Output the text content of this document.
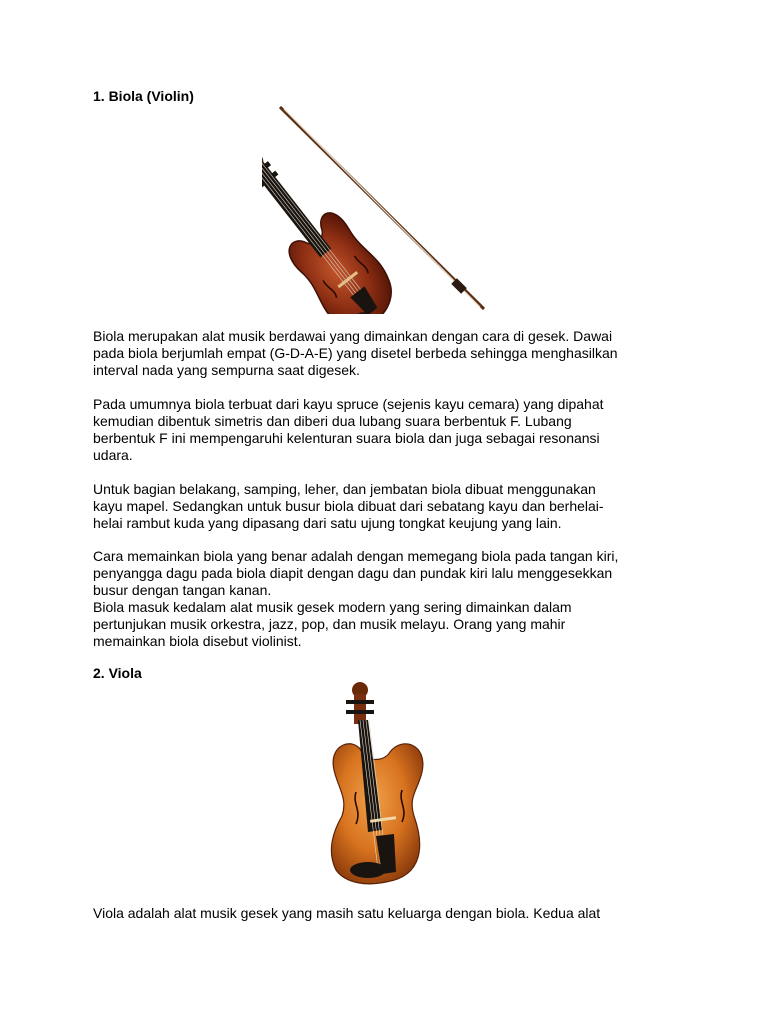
1. Biola (Violin)
Biola merupakan alat musik berdawai yang dimainkan dengan cara di gesek. Dawai
pada biola berjumlah empat (G-D-A-E) yang disetel berbeda sehingga menghasilkan
interval nada yang sempurna saat digesek.
Pada umumnya biola terbuat dari kayu spruce (sejenis kayu cemara) yang dipahat
kemudian dibentuk simetris dan diberi dua lubang suara berbentuk F. Lubang
berbentuk F ini mempengaruhi kelenturan suara biola dan juga sebagai resonansi
udara.
Untuk bagian belakang, samping, leher, dan jembatan biola dibuat menggunakan
kayu mapel. Sedangkan untuk busur biola dibuat dari sebatang kayu dan berhelai-
helai rambut kuda yang dipasang dari satu ujung tongkat keujung yang lain.
Cara memainkan biola yang benar adalah dengan memegang biola pada tangan kiri,
penyangga dagu pada biola diapit dengan dagu dan pundak kiri lalu menggesekkan
busur dengan tangan kanan.
Biola masuk kedalam alat musik gesek modern yang sering dimainkan dalam
pertunjukan musik orkestra, jazz, pop, dan musik melayu. Orang yang mahir
memainkan biola disebut violinist.
2. Viola
Viola adalah alat musik gesek yang masih satu keluarga dengan biola. Kedua alat
